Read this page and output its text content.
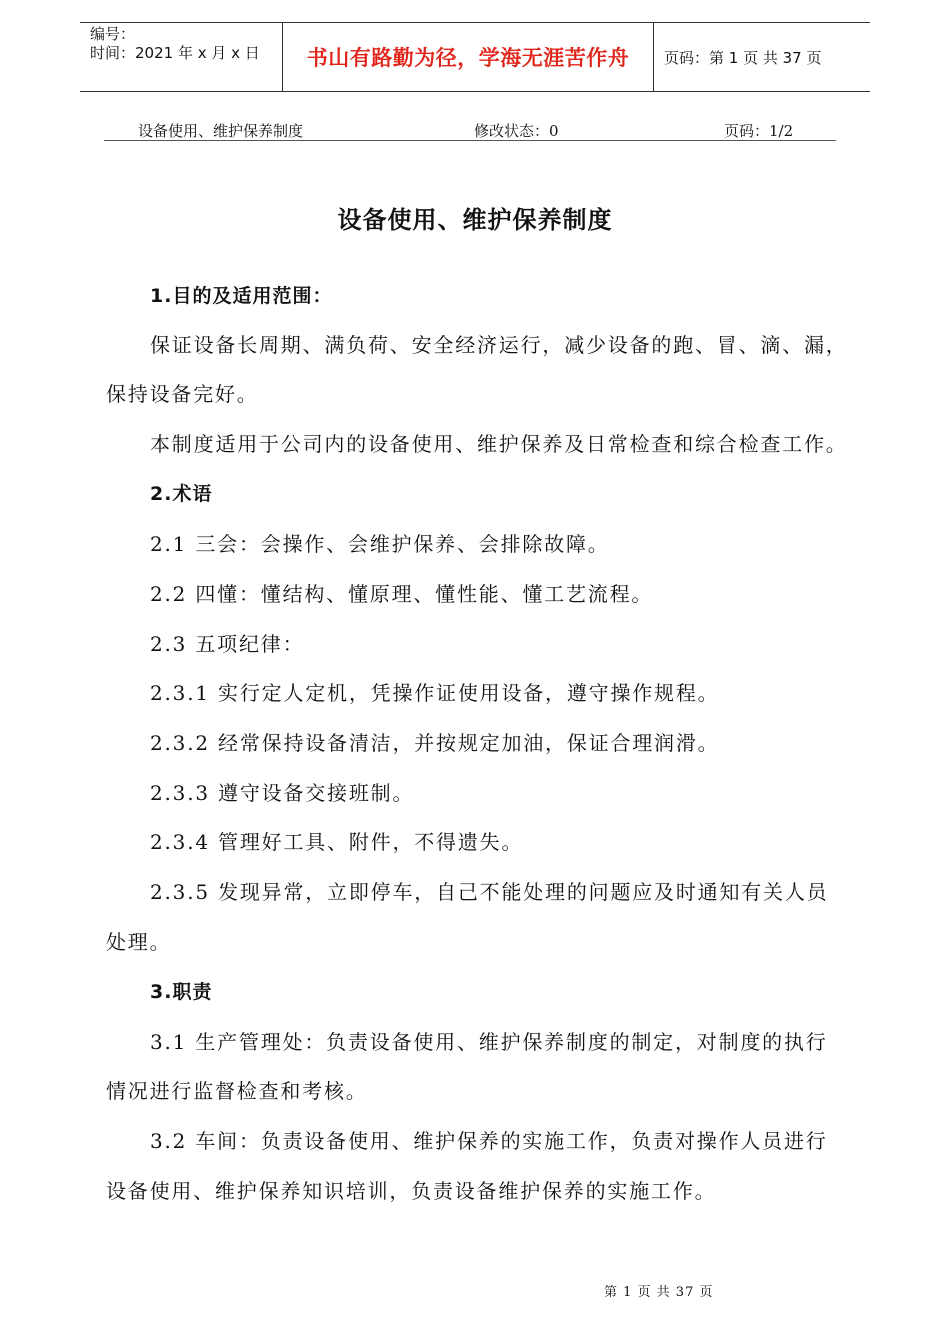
编号：
时间：2021 年 x 月 x 日	书山有路勤为径，学海无涯苦作舟 页码：第 1 页 共 37 页
设备使用、维护保养制度	修改状态：0	页码：1/2
设备使用、维护保养制度
1.目的及适用范围：
保证设备长周期、满负荷、安全经济运行，减少设备的跑、冒、滴、漏，
保持设备完好。
本制度适用于公司内的设备使用、维护保养及日常检查和综合检查工作。
2.术语
2.1 三会：会操作、会维护保养、会排除故障。
2.2 四懂：懂结构、懂原理、懂性能、懂工艺流程。
2.3 五项纪律：
2.3.1 实行定人定机，凭操作证使用设备，遵守操作规程。
2.3.2 经常保持设备清洁，并按规定加油，保证合理润滑。
2.3.3 遵守设备交接班制。
2.3.4 管理好工具、附件，不得遗失。
2.3.5 发现异常，立即停车，自己不能处理的问题应及时通知有关人员
处理。
3.职责
3.1 生产管理处：负责设备使用、维护保养制度的制定，对制度的执行
情况进行监督检查和考核。
3.2 车间：负责设备使用、维护保养的实施工作，负责对操作人员进行
设备使用、维护保养知识培训，负责设备维护保养的实施工作。
第 1 页 共 37 页
